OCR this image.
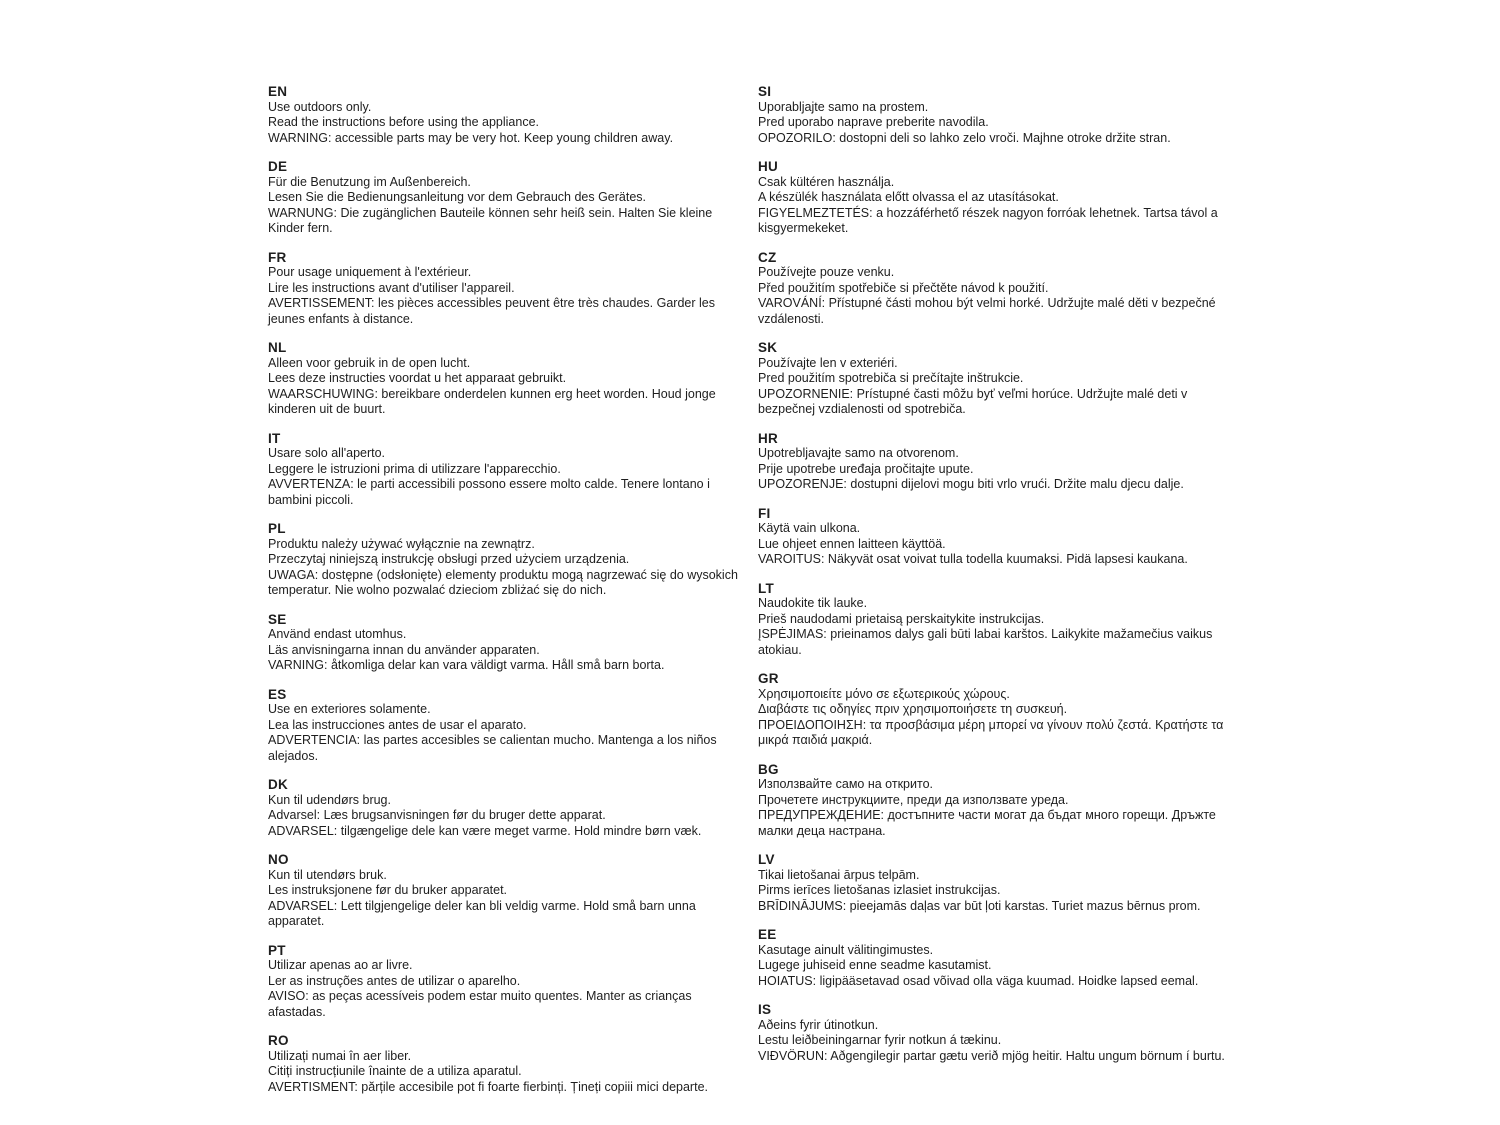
EN

Use outdoors only.

Read the instructions before using the appliance.

WARNING: accessible parts may be very hot. Keep young children away.

DE

Für die Benutzung im Außenbereich.

Lesen Sie die Bedienungsanleitung vor dem Gebrauch des Gerätes.

WARNUNG: Die zugänglichen Bauteile können sehr heiß sein. Halten Sie kleine Kinder fern.

FR

Pour usage uniquement à l'extérieur.

Lire les instructions avant d'utiliser l'appareil.

AVERTISSEMENT: les pièces accessibles peuvent être très chaudes. Garder les jeunes enfants à distance.

NL

Alleen voor gebruik in de open lucht.

Lees deze instructies voordat u het apparaat gebruikt.

WAARSCHUWING: bereikbare onderdelen kunnen erg heet worden. Houd jonge kinderen uit de buurt.

IT

Usare solo all'aperto.

Leggere le istruzioni prima di utilizzare l'apparecchio.

AVVERTENZA: le parti accessibili possono essere molto calde. Tenere lontano i bambini piccoli.

PL

Produktu należy używać wyłącznie na zewnątrz.

Przeczytaj niniejszą instrukcję obsługi przed użyciem urządzenia.

UWAGA: dostępne (odsłonięte) elementy produktu mogą nagrzewać się do wysokich temperatur. Nie wolno pozwalać dzieciom zbliżać się do nich.

SE

Använd endast utomhus.

Läs anvisningarna innan du använder apparaten.

VARNING: åtkomliga delar kan vara väldigt varma. Håll små barn borta.

ES

Use en exteriores solamente.

Lea las instrucciones antes de usar el aparato.

ADVERTENCIA: las partes accesibles se calientan mucho. Mantenga a los niños alejados.

DK

Kun til udendørs brug.

Advarsel: Læs brugsanvisningen før du bruger dette apparat.

ADVARSEL: tilgængelige dele kan være meget varme. Hold mindre børn væk.

NO

Kun til utendørs bruk.

Les instruksjonene før du bruker apparatet.

ADVARSEL: Lett tilgjengelige deler kan bli veldig varme. Hold små barn unna apparatet.

PT

Utilizar apenas ao ar livre.

Ler as instruções antes de utilizar o aparelho.

AVISO: as peças acessíveis podem estar muito quentes. Manter as crianças afastadas.

RO

Utilizați numai în aer liber.

Citiți instrucțiunile înainte de a utiliza aparatul.

AVERTISMENT: părțile accesibile pot fi foarte fierbinți. Țineți copiii mici departe.

SI

Uporabljajte samo na prostem.

Pred uporabo naprave preberite navodila.

OPOZORILO: dostopni deli so lahko zelo vroči. Majhne otroke držite stran.

HU

Csak kültéren használja.

A készülék használata előtt olvassa el az utasításokat.

FIGYELMEZTETÉS: a hozzáférhető részek nagyon forróak lehetnek. Tartsa távol a kisgyermekeket.

CZ

Používejte pouze venku.

Před použitím spotřebiče si přečtěte návod k použití.

VAROVÁNÍ: Přístupné části mohou být velmi horké. Udržujte malé děti v bezpečné vzdálenosti.

SK

Používajte len v exteriéri.

Pred použitím spotrebiča si prečítajte inštrukcie.

UPOZORNENIE: Prístupné časti môžu byť veľmi horúce. Udržujte malé deti v bezpečnej vzdialenosti od spotrebiča.

HR

Upotrebljavajte samo na otvorenom.

Prije upotrebe uređaja pročitajte upute.

UPOZORENJE: dostupni dijelovi mogu biti vrlo vrući. Držite malu djecu dalje.

FI

Käytä vain ulkona.

Lue ohjeet ennen laitteen käyttöä.

VAROITUS: Näkyvät osat voivat tulla todella kuumaksi. Pidä lapsesi kaukana.

LT

Naudokite tik lauke.

Prieš naudodami prietaisą perskaitykite instrukcijas.

ĮSPĖJIMAS: prieinamos dalys gali būti labai karštos. Laikykite mažamečius vaikus atokiau.

GR

Χρησιμοποιείτε μόνο σε εξωτερικούς χώρους.

Διαβάστε τις οδηγίες πριν χρησιμοποιήσετε τη συσκευή.

ΠΡΟΕΙΔΟΠΟΙΗΣΗ: τα προσβάσιμα μέρη μπορεί να γίνουν πολύ ζεστά. Κρατήστε τα μικρά παιδιά μακριά.

BG

Използвайте само на открито.

Прочетете инструкциите, преди да използвате уреда.

ПРЕДУПРЕЖДЕНИЕ: достъпните части могат да бъдат много горещи. Дръжте малки деца настрана.

LV

Tikai lietošanai ārpus telpām.

Pirms ierīces lietošanas izlasiet instrukcijas.

BRĪDINĀJUMS: pieejamās daļas var būt ļoti karstas. Turiet mazus bērnus prom.

EE

Kasutage ainult välitingimustes.

Lugege juhiseid enne seadme kasutamist.

HOIATUS: ligipääsetavad osad võivad olla väga kuumad. Hoidke lapsed eemal.

IS

Aðeins fyrir útinotkun.

Lestu leiðbeiningarnar fyrir notkun á tækinu.

VIÐVÖRUN: Aðgengilegir partar gætu verið mjög heitir. Haltu ungum börnum í burtu.
